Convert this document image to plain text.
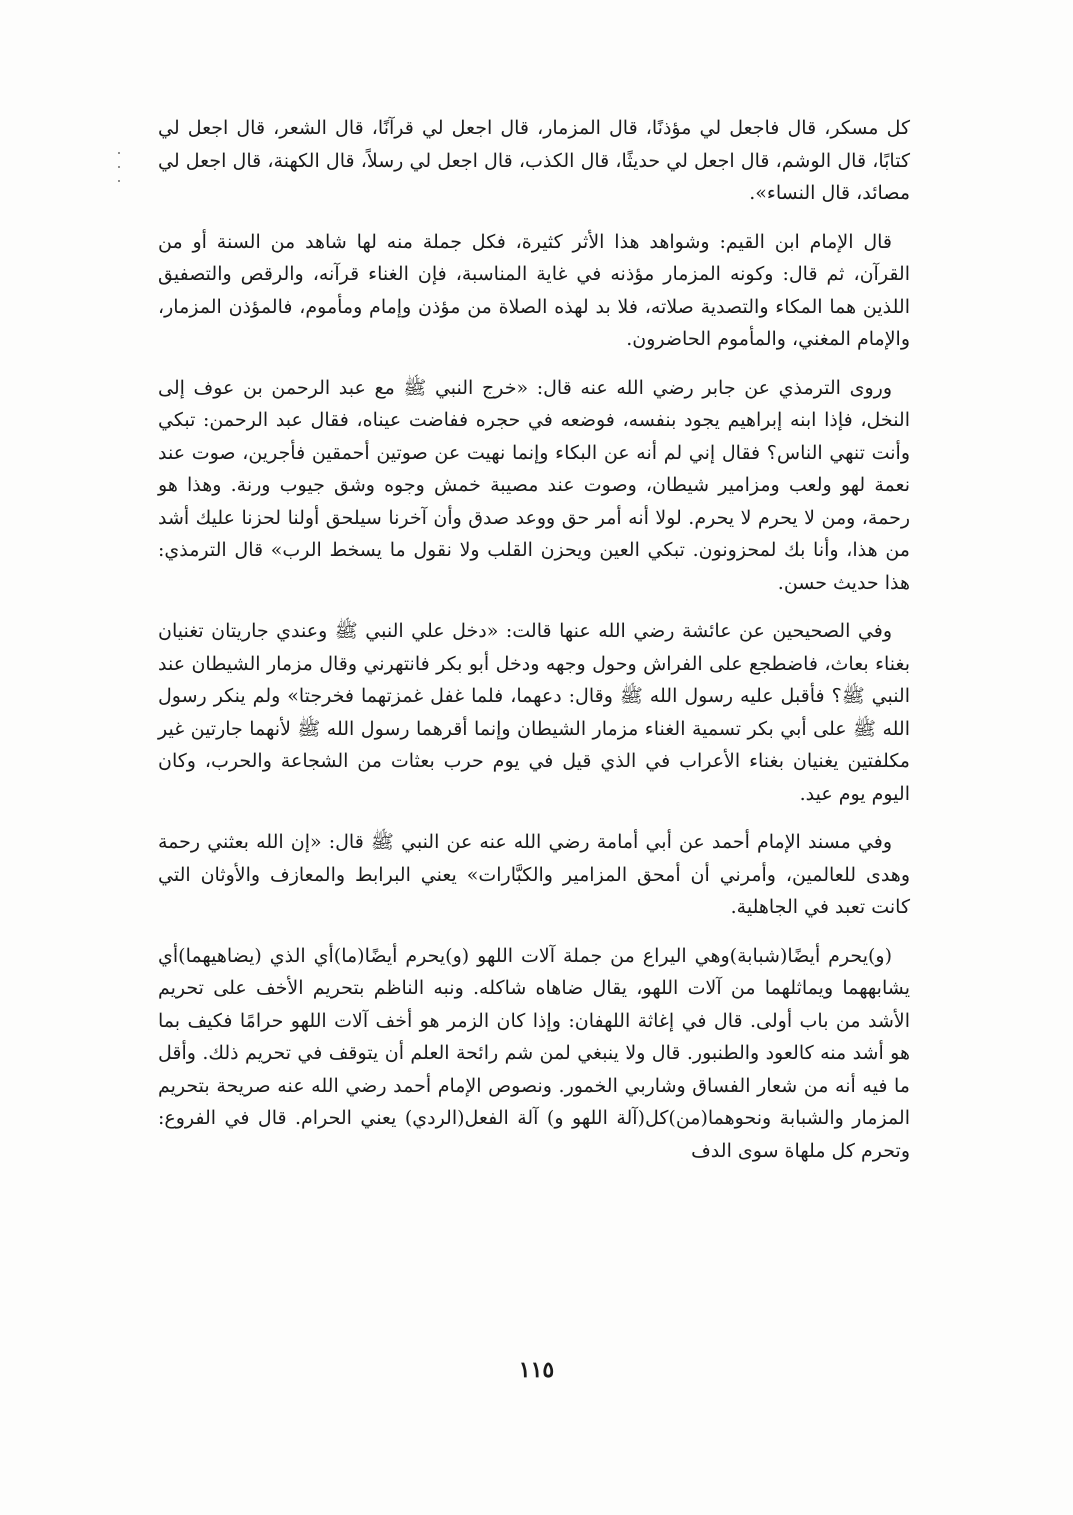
كل مسكر، قال فاجعل لي مؤذنًا، قال المزمار، قال اجعل لي قرآنًا، قال الشعر، قال اجعل لي كتابًا، قال الوشم، قال اجعل لي حديثًا، قال الكذب، قال اجعل لي رسلاً، قال الكهنة، قال اجعل لي مصائد، قال النساء».

قال الإمام ابن القيم: وشواهد هذا الأثر كثيرة، فكل جملة منه لها شاهد من السنة أو من القرآن، ثم قال: وكونه المزمار مؤذنه في غاية المناسبة، فإن الغناء قرآنه، والرقص والتصفيق اللذين هما المكاء والتصدية صلاته، فلا بد لهذه الصلاة من مؤذن وإمام ومأموم، فالمؤذن المزمار، والإمام المغني، والمأموم الحاضرون.

وروى الترمذي عن جابر رضي الله عنه قال: «خرج النبي ﷺ مع عبد الرحمن بن عوف إلى النخل، فإذا ابنه إبراهيم يجود بنفسه، فوضعه في حجره ففاضت عيناه، فقال عبد الرحمن: تبكي وأنت تنهي الناس؟ فقال إني لم أنه عن البكاء وإنما نهيت عن صوتين أحمقين فأجرين، صوت عند نعمة لهو ولعب ومزامير شيطان، وصوت عند مصيبة خمش وجوه وشق جيوب ورنة. وهذا هو رحمة، ومن لا يحرم لا يحرم. لولا أنه أمر حق ووعد صدق وأن آخرنا سيلحق أولنا لحزنا عليك أشد من هذا، وأنا بك لمحزونون. تبكي العين ويحزن القلب ولا نقول ما يسخط الرب» قال الترمذي: هذا حديث حسن.

وفي الصحيحين عن عائشة رضي الله عنها قالت: «دخل علي النبي ﷺ وعندي جاريتان تغنيان بغناء بعاث، فاضطجع على الفراش وحول وجهه ودخل أبو بكر فانتهرني وقال مزمار الشيطان عند النبي ﷺ؟ فأقبل عليه رسول الله ﷺ وقال: دعهما، فلما غفل غمزتهما فخرجتا» ولم ينكر رسول الله ﷺ على أبي بكر تسمية الغناء مزمار الشيطان وإنما أقرهما رسول الله ﷺ لأنهما جارتين غير مكلفتين يغنيان بغناء الأعراب في الذي قيل في يوم حرب بعثات من الشجاعة والحرب، وكان اليوم يوم عيد.

وفي مسند الإمام أحمد عن أبي أمامة رضي الله عنه عن النبي ﷺ قال: «إن الله بعثني رحمة وهدى للعالمين، وأمرني أن أمحق المزامير والكبَّارات» يعني البرابط والمعازف والأوثان التي كانت تعبد في الجاهلية.

(و)يحرم أيضًا(شبابة)وهي اليراع من جملة آلات اللهو (و)يحرم أيضًا(ما)أي الذي (يضاهيهما)أي يشابههما ويماثلهما من آلات اللهو، يقال ضاهاه شاكله. ونبه الناظم بتحريم الأخف على تحريم الأشد من باب أولى. قال في إغاثة اللهفان: وإذا كان الزمر هو أخف آلات اللهو حرامًا فكيف بما هو أشد منه كالعود والطنبور. قال ولا ينبغي لمن شم رائحة العلم أن يتوقف في تحريم ذلك. وأقل ما فيه أنه من شعار الفساق وشاربي الخمور. ونصوص الإمام أحمد رضي الله عنه صريحة بتحريم المزمار والشبابة ونحوهما(من)كل(آلة اللهو و) آلة الفعل(الردي) يعني الحرام. قال في الفروع: وتحرم كل ملهاة سوى الدف

١١٥
